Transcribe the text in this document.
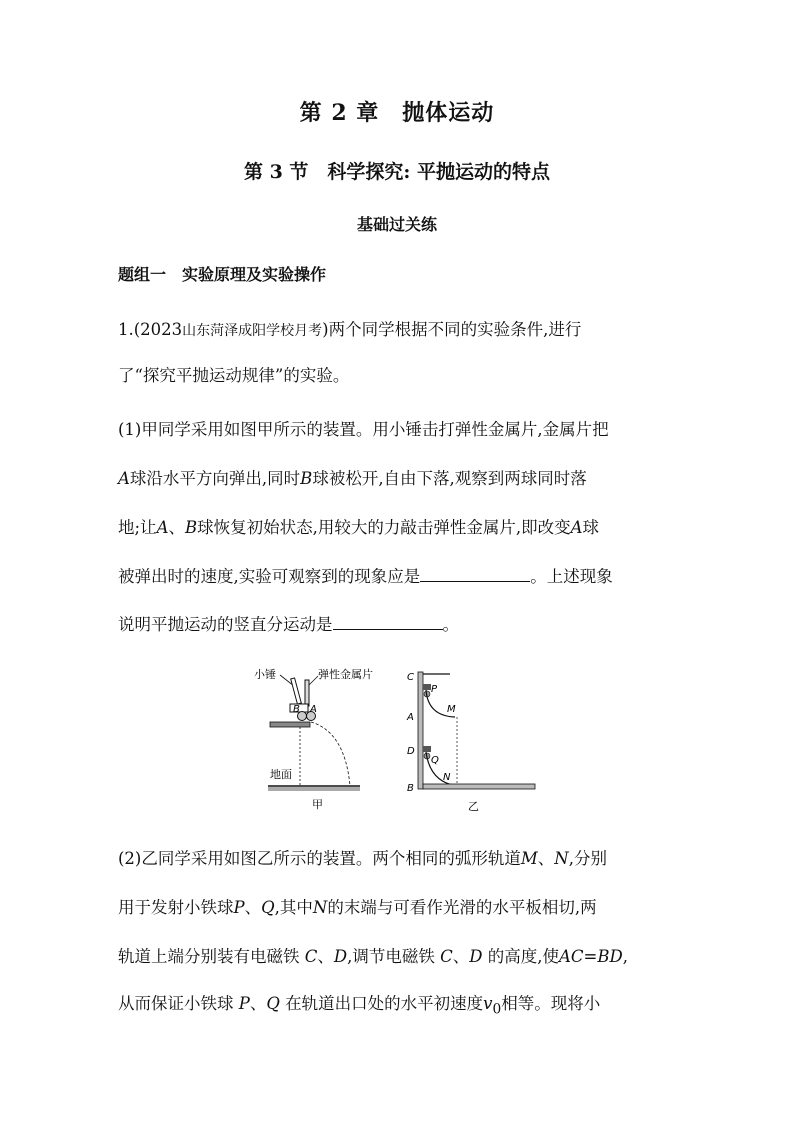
第 2 章　抛体运动
第 3 节　科学探究: 平抛运动的特点
基础过关练
题组一　实验原理及实验操作
1.(2023山东菏泽成阳学校月考)两个同学根据不同的实验条件,进行
了“探究平抛运动规律”的实验。
(1)甲同学采用如图甲所示的装置。用小锤击打弹性金属片,金属片把
A球沿水平方向弹出,同时B球被松开,自由下落,观察到两球同时落
地;让A、B球恢复初始状态,用较大的力敲击弹性金属片,即改变A球
被弹出时的速度,实验可观察到的现象应是	。上述现象
说明平抛运动的竖直分运动是	。
小锤	弹性金属片
B A
地面
甲
C
P
M
A
D
Q
N
B
乙
(2)乙同学采用如图乙所示的装置。两个相同的弧形轨道M、N,分别
用于发射小铁球P、Q,其中N的末端与可看作光滑的水平板相切,两
轨道上端分别装有电磁铁 C、D,调节电磁铁 C、D 的高度,使AC=BD,
从而保证小铁球 P、Q 在轨道出口处的水平初速度$v_0$相等。现将小
